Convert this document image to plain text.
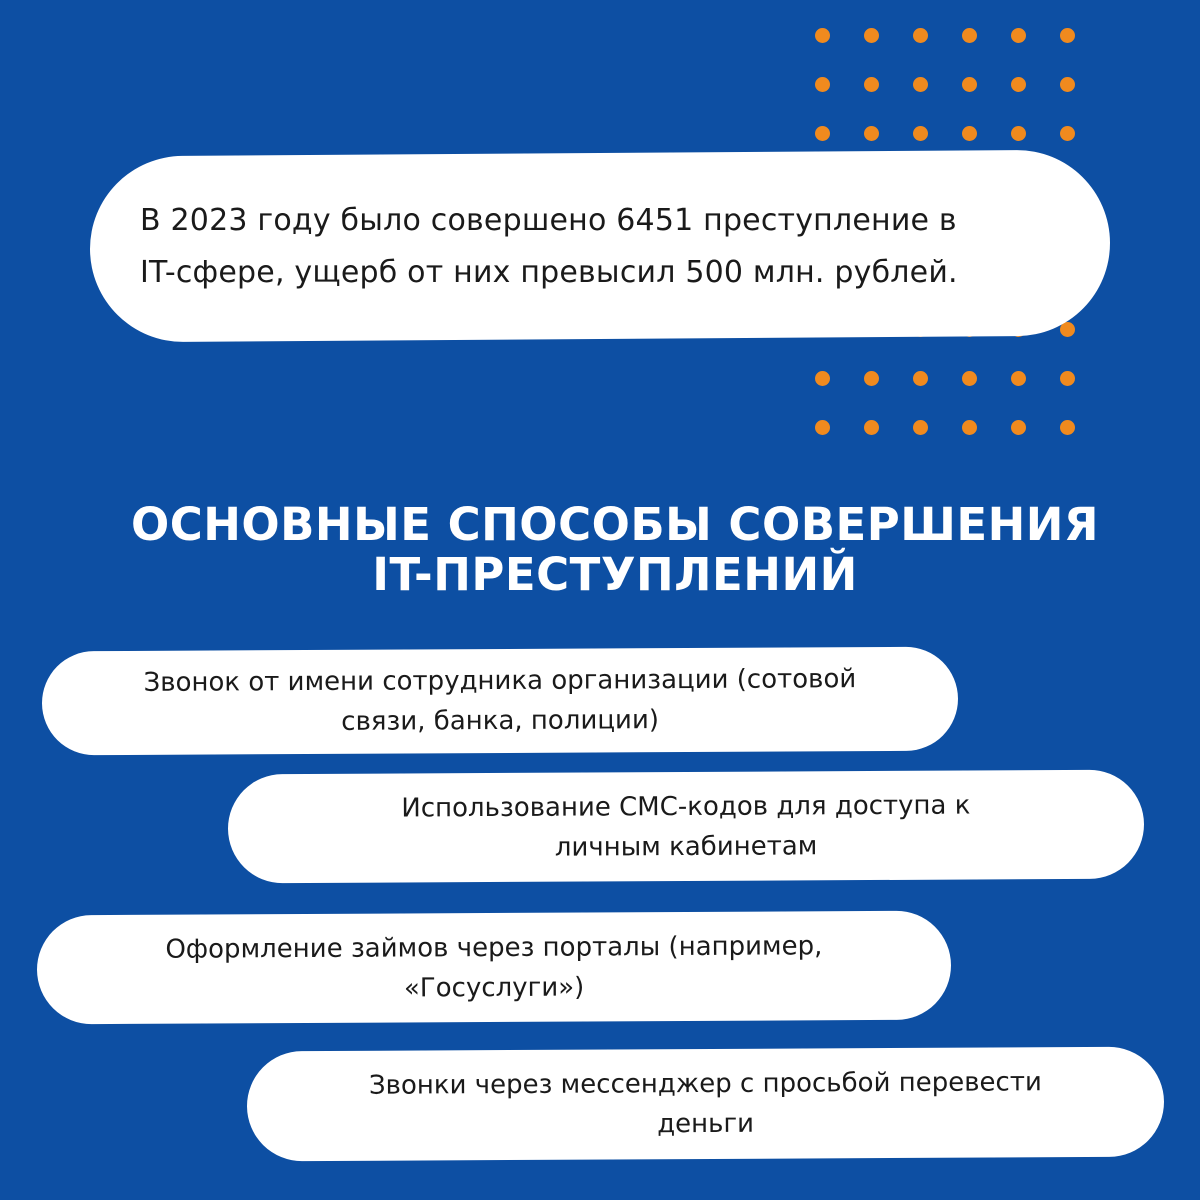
В 2023 году было совершено 6451 преступление в
IT-сфере, ущерб от них превысил 500 млн. рублей.
ОСНОВНЫЕ СПОСОБЫ СОВЕРШЕНИЯ
IT-ПРЕСТУПЛЕНИЙ
Звонок от имени сотрудника организации (сотовой
связи, банка, полиции)
Использование СМС-кодов для доступа к
личным кабинетам
Оформление займов через порталы (например,
«Госуслуги»)
Звонки через мессенджер с просьбой перевести
деньги
